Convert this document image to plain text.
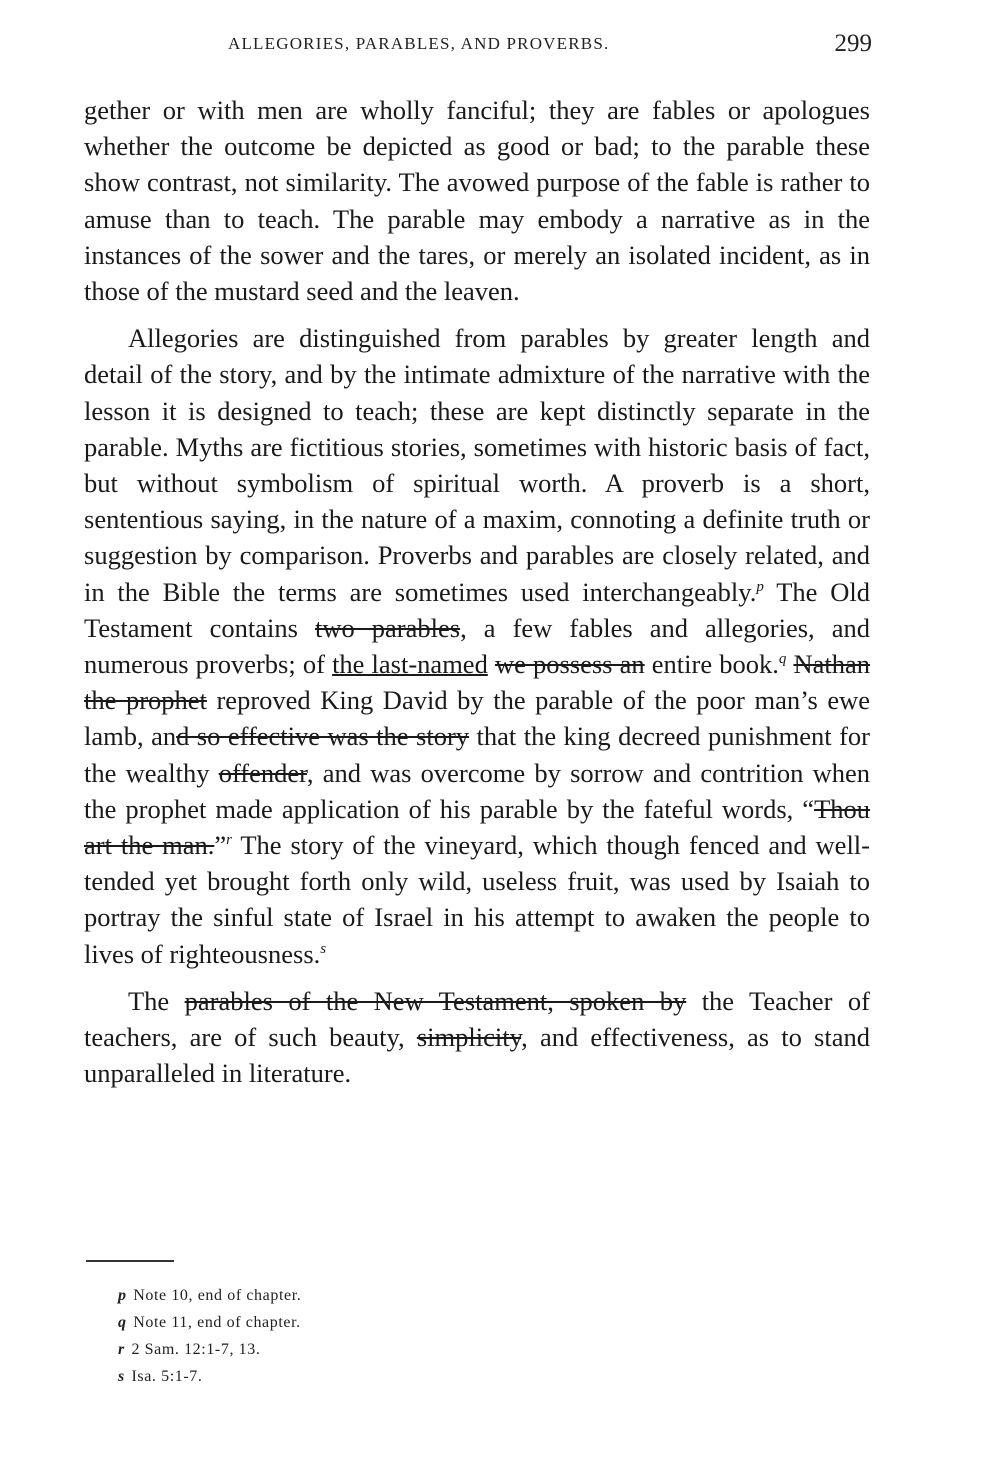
ALLEGORIES, PARABLES, AND PROVERBS.	299

gether or with men are wholly fanciful; they are fables or apologues whether the outcome be depicted as good or bad; to the parable these show contrast, not similarity. The avowed purpose of the fable is rather to amuse than to teach. The parable may embody a narrative as in the instances of the sower and the tares, or merely an isolated incident, as in those of the mustard seed and the leaven.

Allegories are distinguished from parables by greater length and detail of the story, and by the intimate admixture of the narrative with the lesson it is designed to teach; these are kept distinctly separate in the parable. Myths are fictitious stories, sometimes with historic basis of fact, but without symbolism of spiritual worth. A proverb is a short, sententious saying, in the nature of a maxim, connoting a definite truth or suggestion by comparison. Proverbs and parables are closely related, and in the Bible the terms are sometimes used interchangeably.$^p$ The Old Testament contains two parables, a few fables and allegories, and numerous proverbs; of the last-named we possess an entire book.$^q$ Nathan the prophet reproved King David by the parable of the poor man’s ewe lamb, and so effective was the story that the king decreed punishment for the wealthy offender, and was overcome by sorrow and contrition when the prophet made application of his parable by the fateful words, “Thou art the man.”$^r$ The story of the vineyard, which though fenced and well-tended yet brought forth only wild, useless fruit, was used by Isaiah to portray the sinful state of Israel in his attempt to awaken the people to lives of righteousness.$^s$

The parables of the New Testament, spoken by the Teacher of teachers, are of such beauty, simplicity, and effectiveness, as to stand unparalleled in literature.

p Note 10, end of chapter.
q Note 11, end of chapter.
r 2 Sam. 12:1-7, 13.
s Isa. 5:1-7.
